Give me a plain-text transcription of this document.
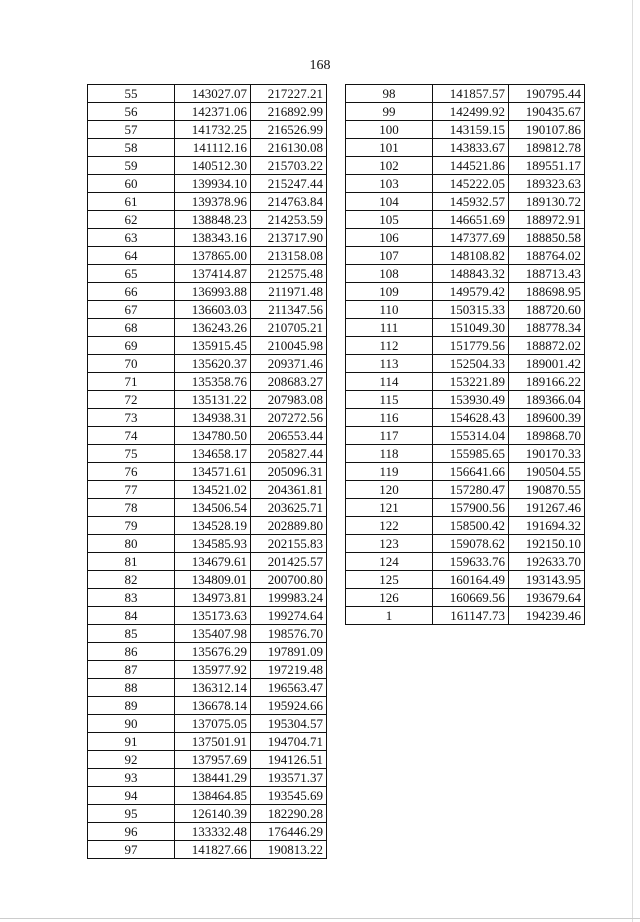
168
55	143027.07	217227.21
56	142371.06	216892.99
57	141732.25	216526.99
58	141112.16	216130.08
59	140512.30	215703.22
60	139934.10	215247.44
61	139378.96	214763.84
62	138848.23	214253.59
63	138343.16	213717.90
64	137865.00	213158.08
65	137414.87	212575.48
66	136993.88	211971.48
67	136603.03	211347.56
68	136243.26	210705.21
69	135915.45	210045.98
70	135620.37	209371.46
71	135358.76	208683.27
72	135131.22	207983.08
73	134938.31	207272.56
74	134780.50	206553.44
75	134658.17	205827.44
76	134571.61	205096.31
77	134521.02	204361.81
78	134506.54	203625.71
79	134528.19	202889.80
80	134585.93	202155.83
81	134679.61	201425.57
82	134809.01	200700.80
83	134973.81	199983.24
84	135173.63	199274.64
85	135407.98	198576.70
86	135676.29	197891.09
87	135977.92	197219.48
88	136312.14	196563.47
89	136678.14	195924.66
90	137075.05	195304.57
91	137501.91	194704.71
92	137957.69	194126.51
93	138441.29	193571.37
94	138464.85	193545.69
95	126140.39	182290.28
96	133332.48	176446.29
97	141827.66	190813.22
98	141857.57	190795.44
99	142499.92	190435.67
100	143159.15	190107.86
101	143833.67	189812.78
102	144521.86	189551.17
103	145222.05	189323.63
104	145932.57	189130.72
105	146651.69	188972.91
106	147377.69	188850.58
107	148108.82	188764.02
108	148843.32	188713.43
109	149579.42	188698.95
110	150315.33	188720.60
111	151049.30	188778.34
112	151779.56	188872.02
113	152504.33	189001.42
114	153221.89	189166.22
115	153930.49	189366.04
116	154628.43	189600.39
117	155314.04	189868.70
118	155985.65	190170.33
119	156641.66	190504.55
120	157280.47	190870.55
121	157900.56	191267.46
122	158500.42	191694.32
123	159078.62	192150.10
124	159633.76	192633.70
125	160164.49	193143.95
126	160669.56	193679.64
1	161147.73	194239.46
